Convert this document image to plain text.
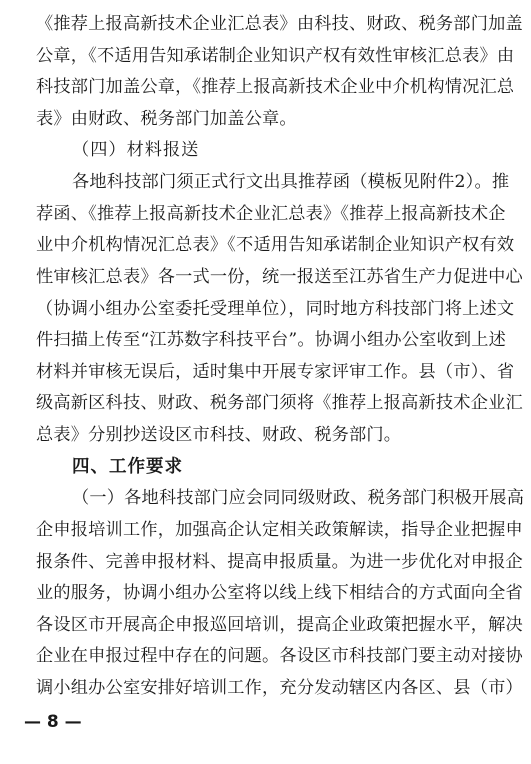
《推荐上报高新技术企业汇总表》由科技、财政、税务部门加盖
公章，《不适用告知承诺制企业知识产权有效性审核汇总表》由
科技部门加盖公章，《推荐上报高新技术企业中介机构情况汇总
表》由财政、税务部门加盖公章。
（四）材料报送
各地科技部门须正式行文出具推荐函（模板见附件2）。推
荐函、《推荐上报高新技术企业汇总表》《推荐上报高新技术企
业中介机构情况汇总表》《不适用告知承诺制企业知识产权有效
性审核汇总表》各一式一份，统一报送至江苏省生产力促进中心
（协调小组办公室委托受理单位），同时地方科技部门将上述文
件扫描上传至“江苏数字科技平台”。协调小组办公室收到上述
材料并审核无误后，适时集中开展专家评审工作。县（市）、省
级高新区科技、财政、税务部门须将《推荐上报高新技术企业汇
总表》分别抄送设区市科技、财政、税务部门。
四、工作要求
（一）各地科技部门应会同同级财政、税务部门积极开展高
企申报培训工作，加强高企认定相关政策解读，指导企业把握申
报条件、完善申报材料、提高申报质量。为进一步优化对申报企
业的服务，协调小组办公室将以线上线下相结合的方式面向全省
各设区市开展高企申报巡回培训，提高企业政策把握水平，解决
企业在申报过程中存在的问题。各设区市科技部门要主动对接协
调小组办公室安排好培训工作，充分发动辖区内各区、县（市）
— 8 —
